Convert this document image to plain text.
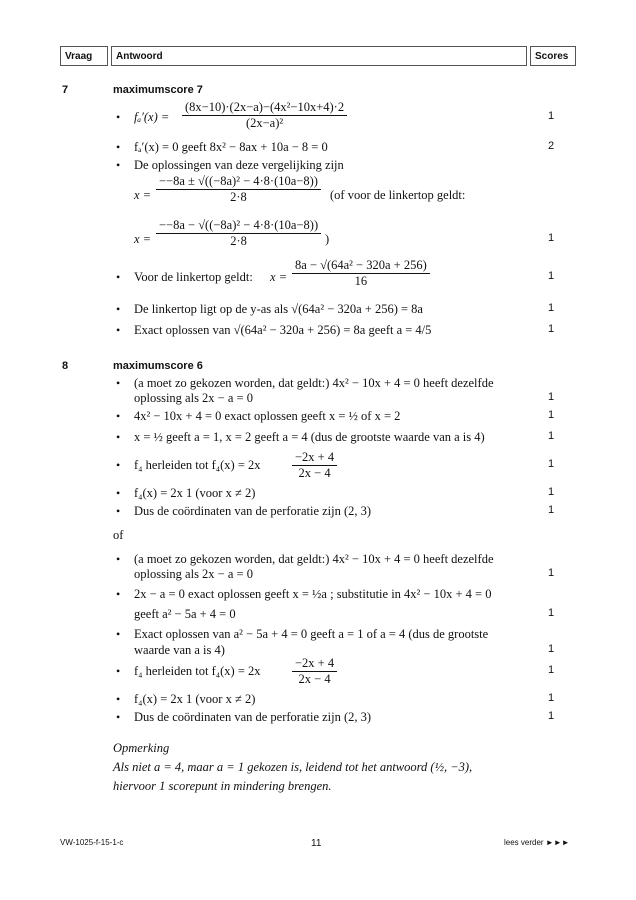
Vraag	Antwoord	Scores
7	maximumscore 7
• $f_a'(x) = \frac{\text{(8x−10)·(2x−a)−(4x²−10x+4)·2}}{\text{(2x−a)²}}$	1
• fₐ′(x) = 0 geeft 8x² − 8ax + 10a − 8 = 0	2
• De oplossingen van deze vergelijking zijn
$x = \frac{\text{−−8a ± √((−8a)² − 4·8·(10a−8))}}{2\cdot 8} (of$ voor de linkertop geldt:
$x = \frac{\text{−−8a − √((−8a)² − 4·8·(10a−8))}}{2\cdot 8}$ )	1
• Voor de linkertop geldt: $x = \frac{\text{8a − √(64a² − 320a + 256)}}{16}$	1
• De linkertop ligt op de y-as als √(64a² − 320a + 256) = 8a	1
• Exact oplossen van √(64a² − 320a + 256) = 8a geeft a = 4/5	1
8	maximumscore 6
• (a moet zo gekozen worden, dat geldt:) 4x² − 10x + 4 = 0 heeft dezelfde
oplossing als 2x − a = 0	1
• 4x² − 10x + 4 = 0 exact oplossen geeft x = ½ of x = 2	1
• x = ½ geeft a = 1, x = 2 geeft a = 4 (dus de grootste waarde van a is 4)	1
• f₄ herleiden tot f₄(x) = 2x	$\frac{-2x + 4}{2x - 4}$	1
• f₄(x) = 2x 1 (voor x ≠ 2)	1
• Dus de coördinaten van de perforatie zijn (2, 3)	1
of
• (a moet zo gekozen worden, dat geldt:) 4x² − 10x + 4 = 0 heeft dezelfde
oplossing als 2x − a = 0	1
• 2x − a = 0 exact oplossen geeft x = ½a ; substitutie in 4x² − 10x + 4 = 0
geeft a² − 5a + 4 = 0	1
• Exact oplossen van a² − 5a + 4 = 0 geeft a = 1 of a = 4 (dus de grootste
waarde van a is 4)	1
• f₄ herleiden tot f₄(x) = 2x	$\frac{-2x + 4}{2x - 4}$	1
• f₄(x) = 2x 1 (voor x ≠ 2)	1
• Dus de coördinaten van de perforatie zijn (2, 3)	1
Opmerking
Als niet a = 4, maar a = 1 gekozen is, leidend tot het antwoord (½, −3),
hiervoor 1 scorepunt in mindering brengen.
VW-1025-f-15-1-c	11	lees verder ►►►
